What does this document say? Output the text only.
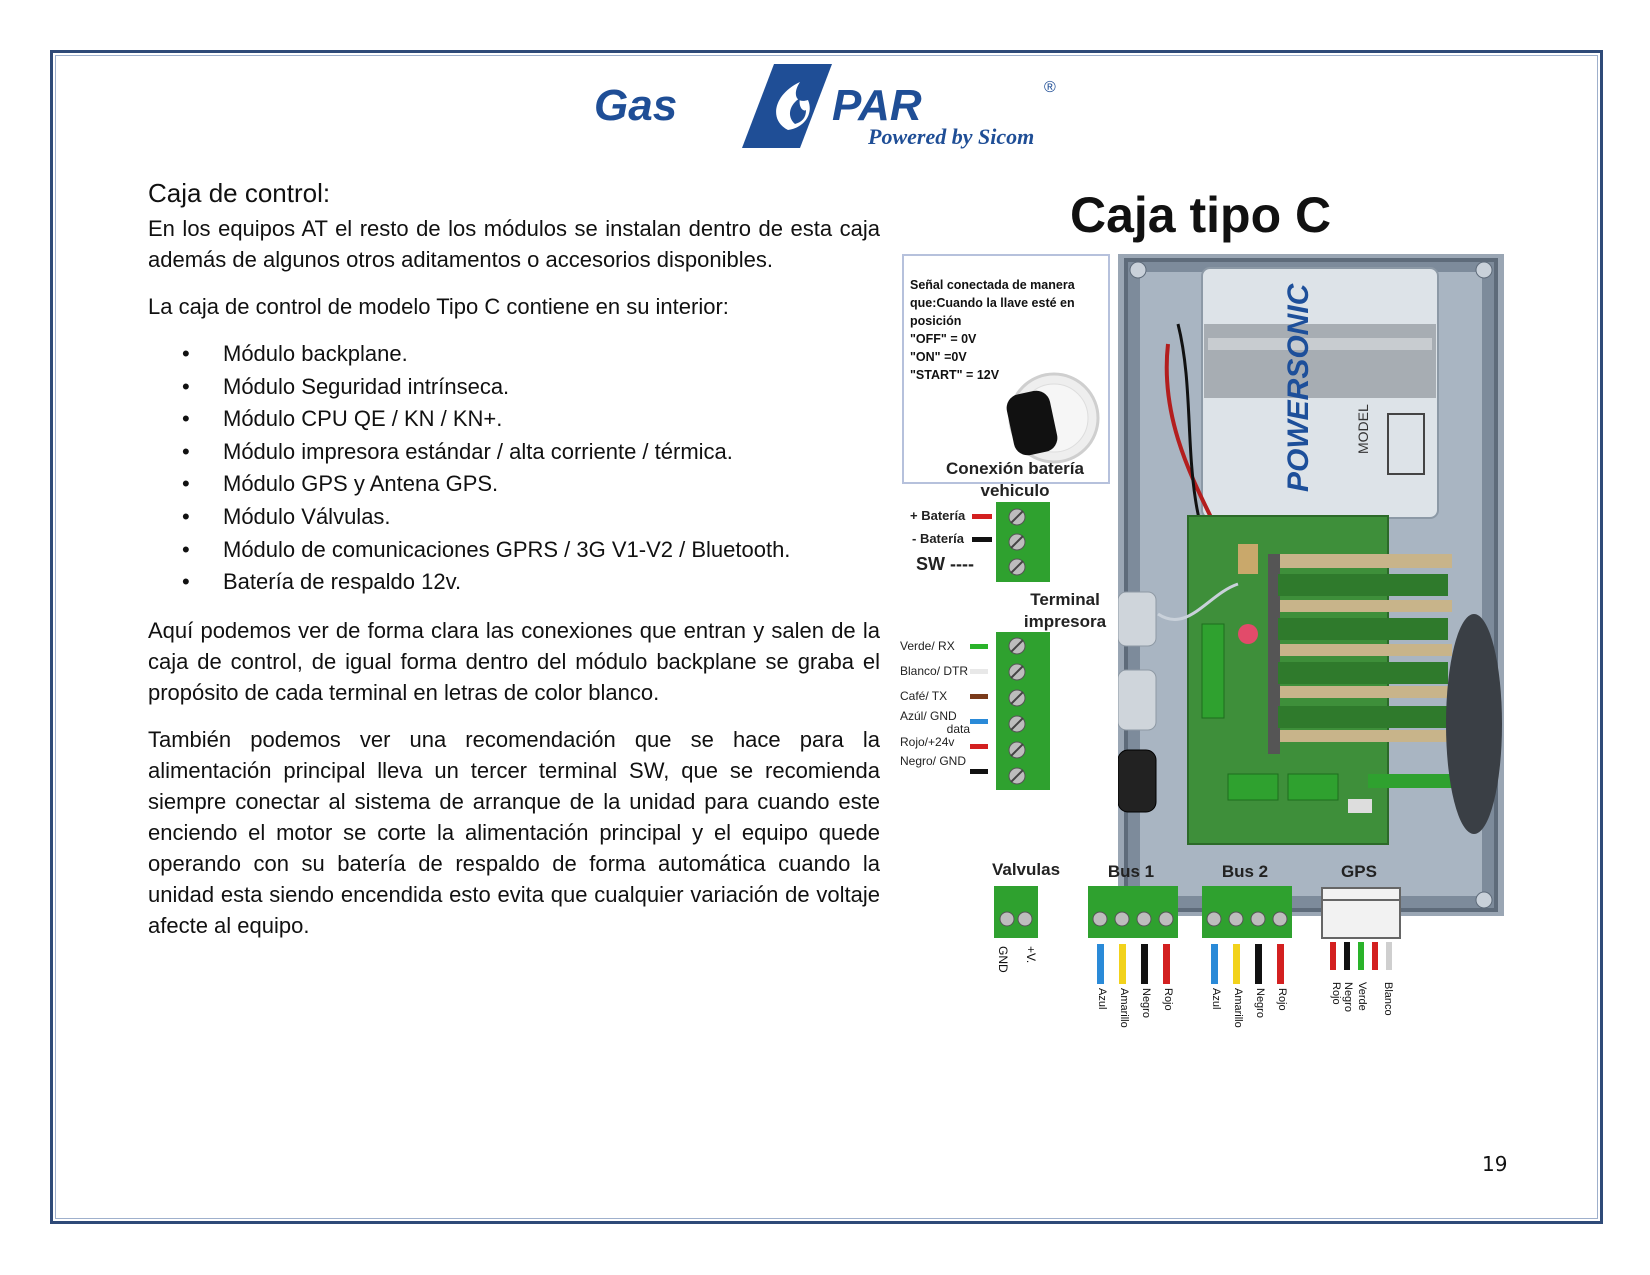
Gas	PAR	®
Powered by Sicom
Caja de control:

En los equipos AT el resto de los módulos se instalan dentro de esta caja además de algunos otros aditamentos o accesorios disponibles.

La caja de control de modelo Tipo C contiene en su interior:

• Módulo backplane.
• Módulo Seguridad intrínseca.
• Módulo CPU QE / KN / KN+.
• Módulo impresora estándar / alta corriente / térmica.
• Módulo GPS y Antena GPS.
• Módulo Válvulas.
• Módulo de comunicaciones GPRS / 3G V1-V2 / Bluetooth.
• Batería de respaldo 12v.

Aquí podemos ver de forma clara las conexiones que entran y salen de la caja de control, de igual forma dentro del módulo backplane se graba el propósito de cada terminal en letras de color blanco.

También podemos ver una recomendación que se hace para la alimentación principal lleva un tercer terminal SW, que se recomienda siempre conectar al sistema de arranque de la unidad para cuando este enciendo el motor se corte la alimentación principal y el equipo quede operando con su batería de respaldo de forma automática cuando la unidad esta siendo encendida esto evita que cualquier variación de voltaje afecte al equipo.

Caja tipo C
Señal conectada de manera
que:Cuando la llave esté en
posición
"OFF" = 0V
"ON" =0V
"START" = 12V
Conexión batería
vehiculo
+ Batería
- Batería
SW ----
Terminal
impresora
Verde/ RX
Blanco/ DTR
Café/ TX
Azúl/ GND
data
Rojo/+24v
Negro/ GND
POWERSONIC	MODEL
Valvulas
GND +V.
Bus 1
Azul Amarillo Negro Rojo
Bus 2
Azul Amarillo Negro Rojo
GPS
Rojo Negro Verde Blanco
19
